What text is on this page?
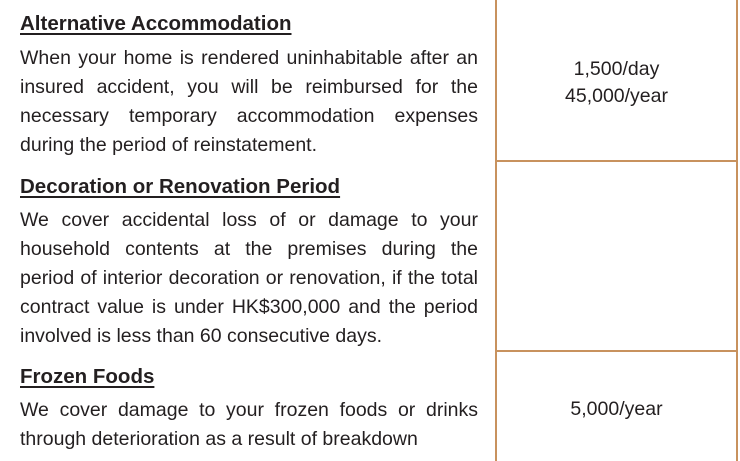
Alternative Accommodation
When your home is rendered uninhabitable after an insured accident, you will be reimbursed for the necessary temporary accommodation expenses during the period of reinstatement.
1,500/day
45,000/year
Decoration or Renovation Period
We cover accidental loss of or damage to your household contents at the premises during the period of interior decoration or renovation, if the total contract value is under HK$300,000 and the period involved is less than 60 consecutive days.
Frozen Foods
We cover damage to your frozen foods or drinks through deterioration as a result of breakdown
5,000/year
